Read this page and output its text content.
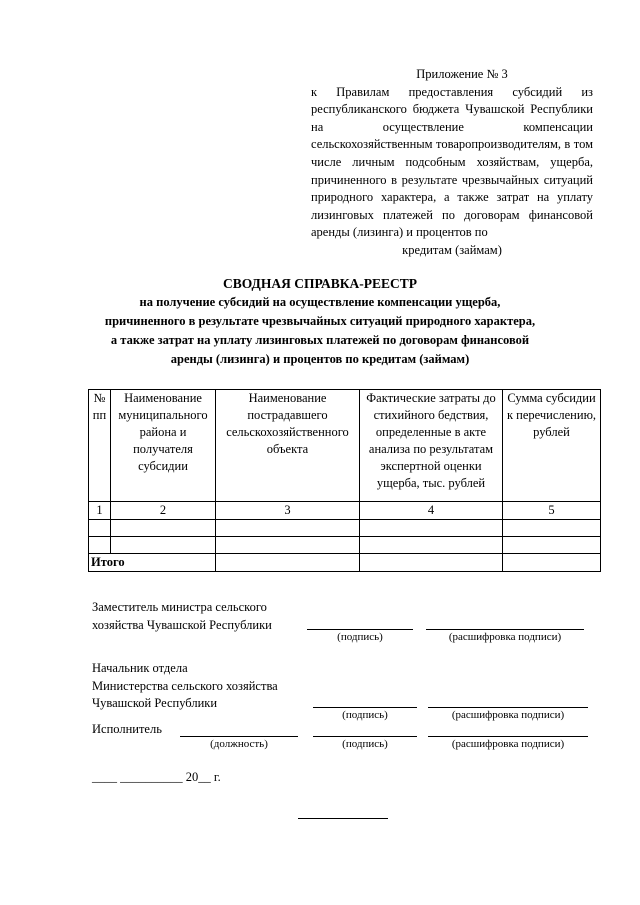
Приложение № 3
к Правилам предоставления субсидий из республиканского бюджета Чувашской Республики на осуществление компенсации сельскохозяйственным товаропроизводителям, в том числе личным подсобным хозяйствам, ущерба, причиненного в результате чрезвычайных ситуаций природного характера, а также затрат на уплату лизинговых платежей по договорам финансовой аренды (лизинга) и процентов по
кредитам (займам)
СВОДНАЯ СПРАВКА-РЕЕСТР
на получение субсидий на осуществление компенсации ущерба,
причиненного в результате чрезвычайных ситуаций природного характера,
а также затрат на уплату лизинговых платежей по договорам финансовой
аренды (лизинга) и процентов по кредитам (займам)
№ пп	Наименование муниципального района и получателя субсидии	Наименование пострадавшего сельскохозяйственного объекта	Фактические затраты до стихийного бедствия, определенные в акте анализа по результатам экспертной оценки ущерба, тыс. рублей	Сумма субсидии к перечислению, рублей
1	2	3	4	5

Итого				
Заместитель министра сельского
хозяйства Чувашской Республики
(подпись)	(расшифровка подписи)
Начальник отдела
Министерства сельского хозяйства
Чувашской Республики
(подпись)	(расшифровка подписи)
Исполнитель
(должность)	(подпись)	(расшифровка подписи)
____ __________ 20__ г.
